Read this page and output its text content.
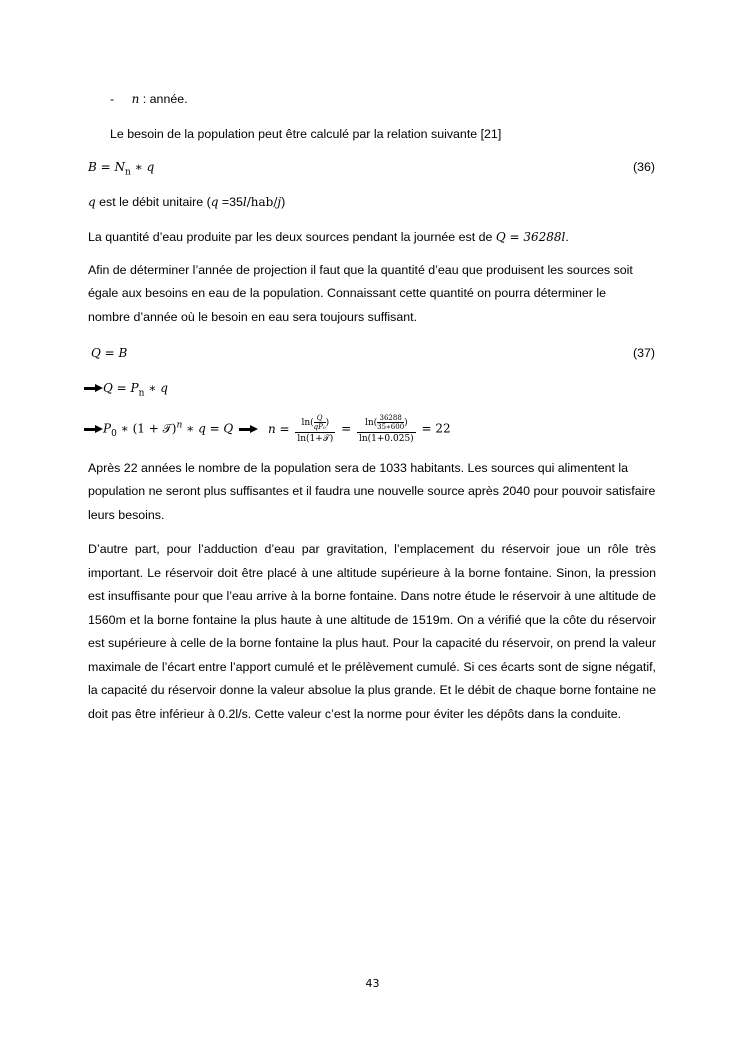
- n : année.
Le besoin de la population peut être calculé par la relation suivante [21]
$B = N_n$ ∗ q	(36)
q est le débit unitaire (q =35l/hab/j)
La quantité d’eau produite par les deux sources pendant la journée est de Q = 36288l.

Afin de déterminer l’année de projection il faut que la quantité d’eau que produisent les sources soit égale aux besoins en eau de la population. Connaissant cette quantité on pourra déterminer le nombre d’année où le besoin en eau sera toujours suffisant.

Q = B	(37)
$Q = P_n$ ∗ q
$P_0$ ∗ (1 + 𝒯)$^n$ ∗ q = Q	$n = \frac{\ln( \frac{Q}{\text{qP₀}} )}{\text{ln(1+𝒯)}} = \frac{\ln( \frac{36288}{35∗600} )}{\ln(1+0.025)} = 22$

Après 22 années le nombre de la population sera de 1033 habitants. Les sources qui alimentent la population ne seront plus suffisantes et il faudra une nouvelle source après 2040 pour pouvoir satisfaire leurs besoins.

D’autre part, pour l’adduction d’eau par gravitation, l’emplacement du réservoir joue un rôle très important. Le réservoir doit être placé à une altitude supérieure à la borne fontaine. Sinon, la pression est insuffisante pour que l’eau arrive à la borne fontaine. Dans notre étude le réservoir à une altitude de 1560m et la borne fontaine la plus haute à une altitude de 1519m. On a vérifié que la côte du réservoir est supérieure à celle de la borne fontaine la plus haut. Pour la capacité du réservoir, on prend la valeur maximale de l’écart entre l’apport cumulé et le prélèvement cumulé. Si ces écarts sont de signe négatif, la capacité du réservoir donne la valeur absolue la plus grande. Et le débit de chaque borne fontaine ne doit pas être inférieur à 0.2l/s. Cette valeur c’est la norme pour éviter les dépôts dans la conduite.

43
